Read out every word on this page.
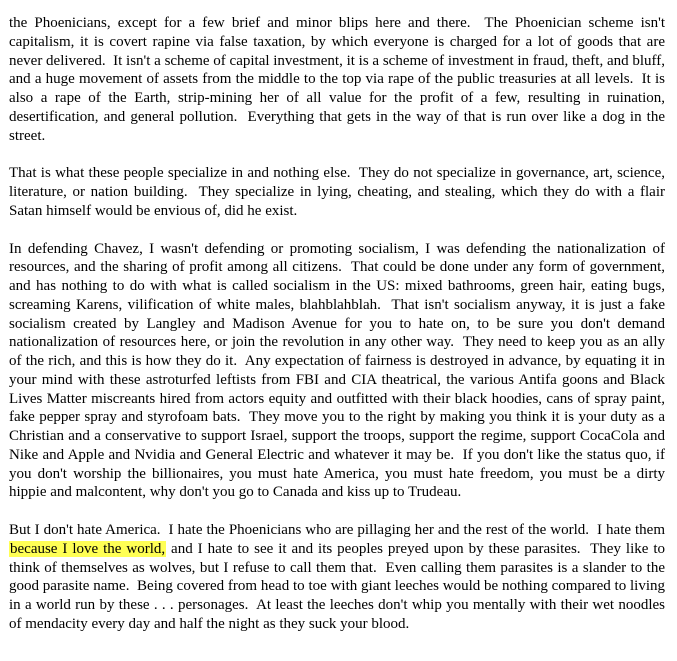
the Phoenicians, except for a few brief and minor blips here and there.  The Phoenician scheme isn't capitalism, it is covert rapine via false taxation, by which everyone is charged for a lot of goods that are never delivered.  It isn't a scheme of capital investment, it is a scheme of investment in fraud, theft, and bluff, and a huge movement of assets from the middle to the top via rape of the public treasuries at all levels.  It is also a rape of the Earth, strip-mining her of all value for the profit of a few, resulting in ruination, desertification, and general pollution.  Everything that gets in the way of that is run over like a dog in the street.

That is what these people specialize in and nothing else.  They do not specialize in governance, art, science, literature, or nation building.  They specialize in lying, cheating, and stealing, which they do with a flair Satan himself would be envious of, did he exist.

In defending Chavez, I wasn't defending or promoting socialism, I was defending the nationalization of resources, and the sharing of profit among all citizens.  That could be done under any form of government, and has nothing to do with what is called socialism in the US: mixed bathrooms, green hair, eating bugs, screaming Karens, vilification of white males, blahblahblah.  That isn't socialism anyway, it is just a fake socialism created by Langley and Madison Avenue for you to hate on, to be sure you don't demand nationalization of resources here, or join the revolution in any other way.  They need to keep you as an ally of the rich, and this is how they do it.  Any expectation of fairness is destroyed in advance, by equating it in your mind with these astroturfed leftists from FBI and CIA theatrical, the various Antifa goons and Black Lives Matter miscreants hired from actors equity and outfitted with their black hoodies, cans of spray paint, fake pepper spray and styrofoam bats.  They move you to the right by making you think it is your duty as a Christian and a conservative to support Israel, support the troops, support the regime, support CocaCola and Nike and Apple and Nvidia and General Electric and whatever it may be.  If you don't like the status quo, if you don't worship the billionaires, you must hate America, you must hate freedom, you must be a dirty hippie and malcontent, why don't you go to Canada and kiss up to Trudeau.

But I don't hate America.  I hate the Phoenicians who are pillaging her and the rest of the world.  I hate them because I love the world, and I hate to see it and its peoples preyed upon by these parasites.  They like to think of themselves as wolves, but I refuse to call them that.  Even calling them parasites is a slander to the good parasite name.  Being covered from head to toe with giant leeches would be nothing compared to living in a world run by these . . . personages.  At least the leeches don't whip you mentally with their wet noodles of mendacity every day and half the night as they suck your blood.
